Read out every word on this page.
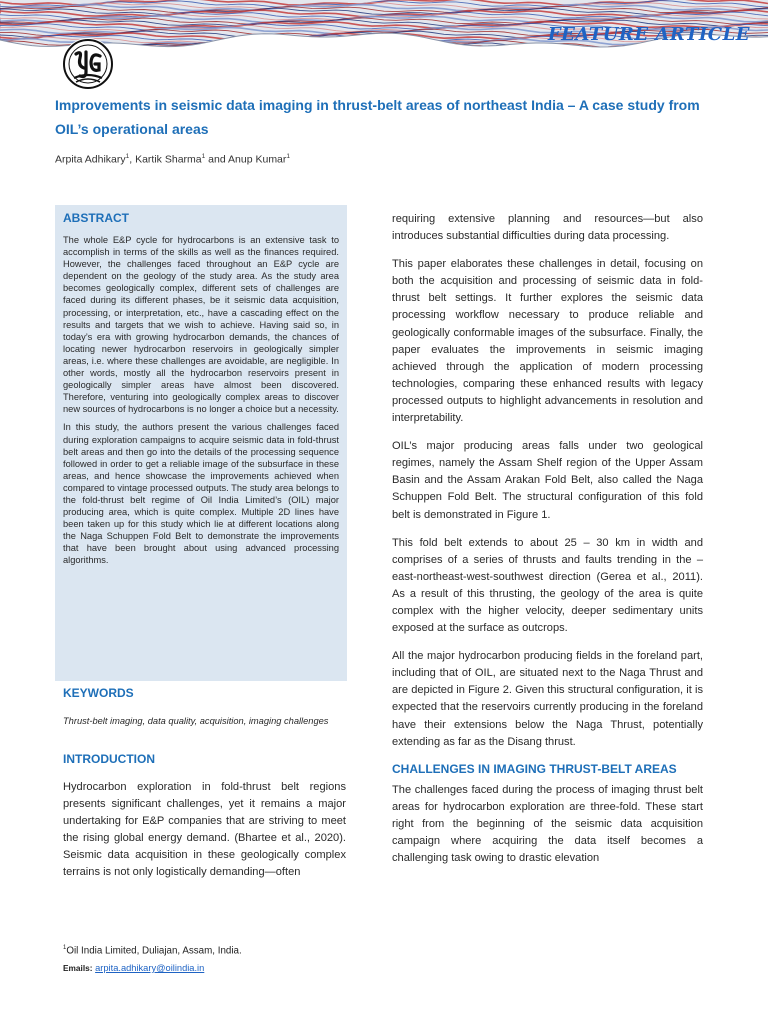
FEATURE ARTICLE
Improvements in seismic data imaging in thrust-belt areas of northeast India – A case study from OIL’s operational areas
Arpita Adhikary$^1$, Kartik Sharma$^1$ and Anup Kumar$^1$
ABSTRACT

The whole E&P cycle for hydrocarbons is an extensive task to accomplish in terms of the skills as well as the finances required. However, the challenges faced throughout an E&P cycle are dependent on the geology of the study area. As the study area becomes geologically complex, different sets of challenges are faced during its different phases, be it seismic data acquisition, processing, or interpretation, etc., have a cascading effect on the results and targets that we wish to achieve. Having said so, in today’s era with growing hydrocarbon demands, the chances of locating newer hydrocarbon reservoirs in geologically simpler areas, i.e. where these challenges are avoidable, are negligible. In other words, mostly all the hydrocarbon reservoirs present in geologically simpler areas have almost been discovered. Therefore, venturing into geologically complex areas to discover new sources of hydrocarbons is no longer a choice but a necessity.

In this study, the authors present the various challenges faced during exploration campaigns to acquire seismic data in fold-thrust belt areas and then go into the details of the processing sequence followed in order to get a reliable image of the subsurface in these areas, and hence showcase the improvements achieved when compared to vintage processed outputs. The study area belongs to the fold-thrust belt regime of Oil India Limited’s (OIL) major producing area, which is quite complex. Multiple 2D lines have been taken up for this study which lie at different locations along the Naga Schuppen Fold Belt to demonstrate the improvements that have been brought about using advanced processing algorithms.

KEYWORDS

Thrust-belt imaging, data quality, acquisition, imaging challenges

INTRODUCTION

Hydrocarbon exploration in fold-thrust belt regions presents significant challenges, yet it remains a major undertaking for E&P companies that are striving to meet the rising global energy demand. (Bhartee et al., 2020). Seismic data acquisition in these geologically complex terrains is not only logistically demanding—often

requiring extensive planning and resources—but also introduces substantial difficulties during data processing.

This paper elaborates these challenges in detail, focusing on both the acquisition and processing of seismic data in fold-thrust belt settings. It further explores the seismic data processing workflow necessary to produce reliable and geologically conformable images of the subsurface. Finally, the paper evaluates the improvements in seismic imaging achieved through the application of modern processing technologies, comparing these enhanced results with legacy processed outputs to highlight advancements in resolution and interpretability.

OIL’s major producing areas falls under two geological regimes, namely the Assam Shelf region of the Upper Assam Basin and the Assam Arakan Fold Belt, also called the Naga Schuppen Fold Belt. The structural configuration of this fold belt is demonstrated in Figure 1.

This fold belt extends to about 25 – 30 km in width and comprises of a series of thrusts and faults trending in the –east-northeast-west-southwest direction (Gerea et al., 2011). As a result of this thrusting, the geology of the area is quite complex with the higher velocity, deeper sedimentary units exposed at the surface as outcrops.

All the major hydrocarbon producing fields in the foreland part, including that of OIL, are situated next to the Naga Thrust and are depicted in Figure 2. Given this structural configuration, it is expected that the reservoirs currently producing in the foreland have their extensions below the Naga Thrust, potentially extending as far as the Disang thrust.

CHALLENGES IN IMAGING THRUST-BELT AREAS

The challenges faced during the process of imaging thrust belt areas for hydrocarbon exploration are three-fold. These start right from the beginning of the seismic data acquisition campaign where acquiring the data itself becomes a challenging task owing to drastic elevation

$^1$Oil India Limited, Duliajan, Assam, India.
Emails: arpita.adhikary@oilindia.in
